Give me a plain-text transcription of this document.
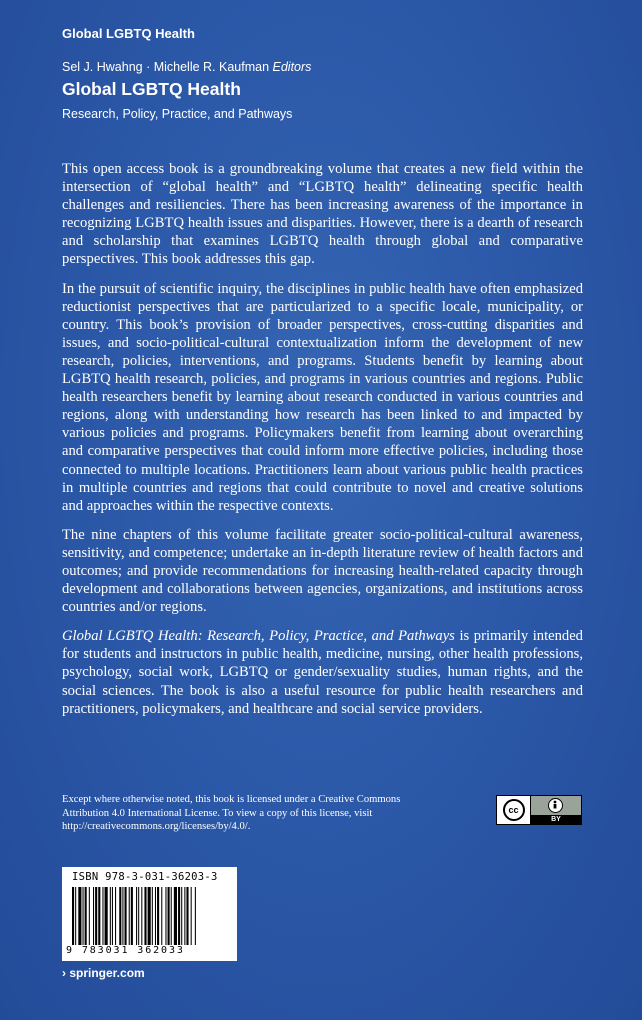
Global LGBTQ Health
Sel J. Hwahng · Michelle R. Kaufman Editors
Global LGBTQ Health
Research, Policy, Practice, and Pathways

This open access book is a groundbreaking volume that creates a new field within the intersection of “global health” and “LGBTQ health” delineating specific health challenges and resiliencies. There has been increasing awareness of the importance in recognizing LGBTQ health issues and disparities. However, there is a dearth of research and scholarship that examines LGBTQ health through global and comparative perspectives. This book addresses this gap.

In the pursuit of scientific inquiry, the disciplines in public health have often emphasized reductionist perspectives that are particularized to a specific locale, municipality, or country. This book’s provision of broader perspectives, cross-cutting disparities and issues, and socio-political-cultural contextualization inform the development of new research, policies, interventions, and programs. Students benefit by learning about LGBTQ health research, policies, and programs in various countries and regions. Public health researchers benefit by learning about research conducted in various countries and regions, along with understanding how research has been linked to and impacted by various policies and programs. Policymakers benefit from learning about overarching and comparative perspectives that could inform more effective policies, including those connected to multiple locations. Practitioners learn about various public health practices in multiple countries and regions that could contribute to novel and creative solutions and approaches within the respective contexts.

The nine chapters of this volume facilitate greater socio-political-cultural awareness, sensitivity, and competence; undertake an in-depth literature review of health factors and outcomes; and provide recommendations for increasing health-related capacity through development and collaborations between agencies, organizations, and institutions across countries and/or regions.

Global LGBTQ Health: Research, Policy, Practice, and Pathways is primarily intended for students and instructors in public health, medicine, nursing, other health professions, psychology, social work, LGBTQ or gender/sexuality studies, human rights, and the social sciences. The book is also a useful resource for public health researchers and practitioners, policymakers, and healthcare and social service providers.

Except where otherwise noted, this book is licensed under a Creative Commons Attribution 4.0 International License. To view a copy of this license, visit http://creativecommons.org/licenses/by/4.0/.
cc
BY
ISBN 978-3-031-36203-3
9 783031 362033
› springer.com
